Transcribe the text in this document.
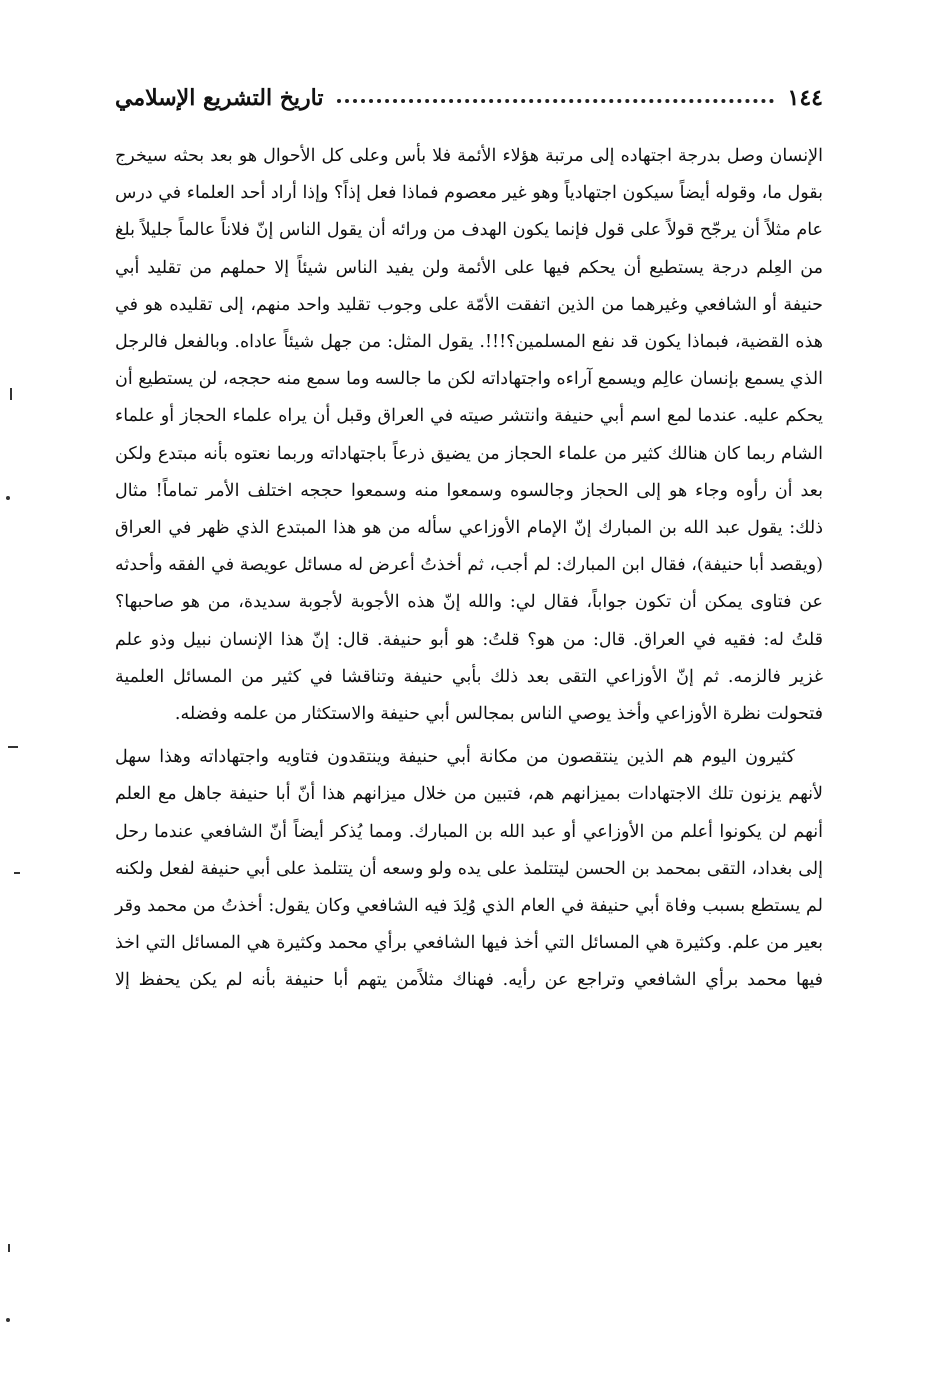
١٤٤
تاريخ التشريع الإسلامي

الإنسان وصل بدرجة اجتهاده إلى مرتبة هؤلاء الأئمة فلا بأس وعلى كل الأحوال هو بعد بحثه سيخرج بقول ما، وقوله أيضاً سيكون اجتهادياً وهو غير معصوم فماذا فعل إذاً؟ وإذا أراد أحد العلماء في درس عام مثلاً أن يرجّح قولاً على قول فإنما يكون الهدف من ورائه أن يقول الناس إنّ فلاناً عالماً جليلاً بلغ من العِلم درجة يستطيع أن يحكم فيها على الأئمة ولن يفيد الناس شيئاً إلا حملهم من تقليد أبي حنيفة أو الشافعي وغيرهما من الذين اتفقت الأمّة على وجوب تقليد واحد منهم، إلى تقليده هو في هذه القضية، فبماذا يكون قد نفع المسلمين؟!!!. يقول المثل: من جهل شيئاً عاداه. وبالفعل فالرجل الذي يسمع بإنسان عالِم ويسمع آراءه واجتهاداته لكن ما جالسه وما سمع منه حججه، لن يستطيع أن يحكم عليه. عندما لمع اسم أبي حنيفة وانتشر صيته في العراق وقبل أن يراه علماء الحجاز أو علماء الشام ربما كان هنالك كثير من علماء الحجاز من يضيق ذرعاً باجتهاداته وربما نعتوه بأنه مبتدع ولكن بعد أن رأوه وجاء هو إلى الحجاز وجالسوه وسمعوا منه وسمعوا حججه اختلف الأمر تماماً! مثال ذلك: يقول عبد الله بن المبارك إنّ الإمام الأوزاعي سأله من هو هذا المبتدع الذي ظهر في العراق (ويقصد أبا حنيفة)، فقال ابن المبارك: لم أجب، ثم أخذتُ أعرض له مسائل عويصة في الفقه وأحدثه عن فتاوى يمكن أن تكون جواباً، فقال لي: والله إنّ هذه الأجوبة لأجوبة سديدة، من هو صاحبها؟ قلتُ له: فقيه في العراق. قال: من هو؟ قلتُ: هو أبو حنيفة. قال: إنّ هذا الإنسان نبيل وذو علم غزير فالزمه. ثم إنّ الأوزاعي التقى بعد ذلك بأبي حنيفة وتناقشا في كثير من المسائل العلمية فتحولت نظرة الأوزاعي وأخذ يوصي الناس بمجالس أبي حنيفة والاستكثار من علمه وفضله.

كثيرون اليوم هم الذين ينتقصون من مكانة أبي حنيفة وينتقدون فتاويه واجتهاداته وهذا سهل لأنهم يزنون تلك الاجتهادات بميزانهم هم، فتبين من خلال ميزانهم هذا أنّ أبا حنيفة جاهل مع العلم أنهم لن يكونوا أعلم من الأوزاعي أو عبد الله بن المبارك. ومما يُذكر أيضاً أنّ الشافعي عندما رحل إلى بغداد، التقى بمحمد بن الحسن ليتتلمذ على يده ولو وسعه أن يتتلمذ على أبي حنيفة لفعل ولكنه لم يستطع بسبب وفاة أبي حنيفة في العام الذي وُلِدَ فيه الشافعي وكان يقول: أخذتُ من محمد وقر بعير من علم. وكثيرة هي المسائل التي أخذ فيها الشافعي برأي محمد وكثيرة هي المسائل التي اخذ فيها محمد برأي الشافعي وتراجع عن رأيه. فهناك مثلاًمن يتهم أبا حنيفة بأنه لم يكن يحفظ إلا
